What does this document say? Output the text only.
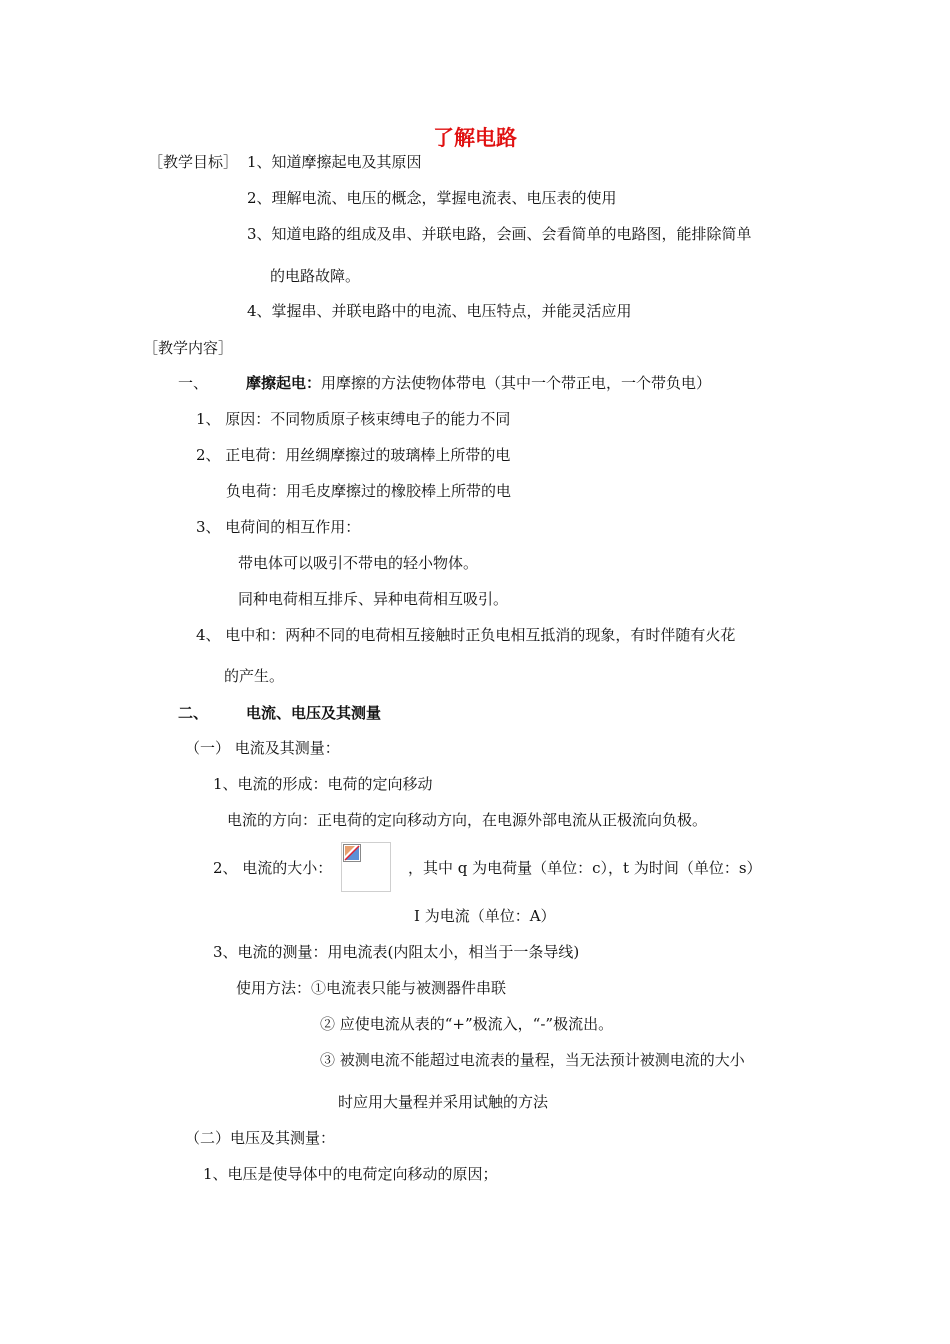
了解电路
［教学目标］ 1、知道摩擦起电及其原因
2、理解电流、电压的概念，掌握电流表、电压表的使用
3、知道电路的组成及串、并联电路，会画、会看简单的电路图，能排除简单
的电路故障。
4、掌握串、并联电路中的电流、电压特点，并能灵活应用
［教学内容］
一、	摩擦起电：用摩擦的方法使物体带电（其中一个带正电，一个带负电）
1、 原因：不同物质原子核束缚电子的能力不同
2、 正电荷：用丝绸摩擦过的玻璃棒上所带的电
负电荷：用毛皮摩擦过的橡胶棒上所带的电
3、 电荷间的相互作用：
带电体可以吸引不带电的轻小物体。
同种电荷相互排斥、异种电荷相互吸引。
4、 电中和：两种不同的电荷相互接触时正负电相互抵消的现象，有时伴随有火花
的产生。
二、	电流、电压及其测量
（一） 电流及其测量：
1、电流的形成：电荷的定向移动
电流的方向：正电荷的定向移动方向，在电源外部电流从正极流向负极。
2、 电流的大小：	，其中 q 为电荷量（单位：c），t 为时间（单位：s）
I 为电流（单位：A）
3、电流的测量：用电流表(内阻太小，相当于一条导线)
使用方法：①电流表只能与被测器件串联
② 应使电流从表的“+”极流入，“-”极流出。
③ 被测电流不能超过电流表的量程，当无法预计被测电流的大小
时应用大量程并采用试触的方法
（二）电压及其测量：
1、电压是使导体中的电荷定向移动的原因；
